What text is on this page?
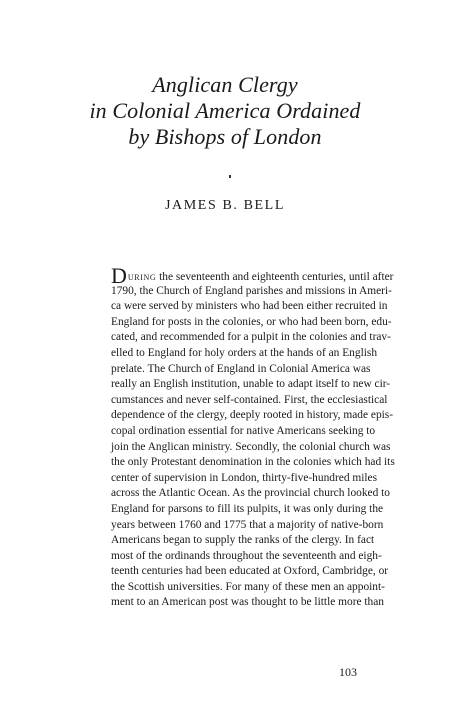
Anglican Clergy
in Colonial America Ordained
by Bishops of London
JAMES B. BELL
During the seventeenth and eighteenth centuries, until after
1790, the Church of England parishes and missions in Ameri-
ca were served by ministers who had been either recruited in
England for posts in the colonies, or who had been born, edu-
cated, and recommended for a pulpit in the colonies and trav-
elled to England for holy orders at the hands of an English
prelate. The Church of England in Colonial America was
really an English institution, unable to adapt itself to new cir-
cumstances and never self-contained. First, the ecclesiastical
dependence of the clergy, deeply rooted in history, made epis-
copal ordination essential for native Americans seeking to
join the Anglican ministry. Secondly, the colonial church was
the only Protestant denomination in the colonies which had its
center of supervision in London, thirty-five-hundred miles
across the Atlantic Ocean. As the provincial church looked to
England for parsons to fill its pulpits, it was only during the
years between 1760 and 1775 that a majority of native-born
Americans began to supply the ranks of the clergy. In fact
most of the ordinands throughout the seventeenth and eigh-
teenth centuries had been educated at Oxford, Cambridge, or
the Scottish universities. For many of these men an appoint-
ment to an American post was thought to be little more than
103
